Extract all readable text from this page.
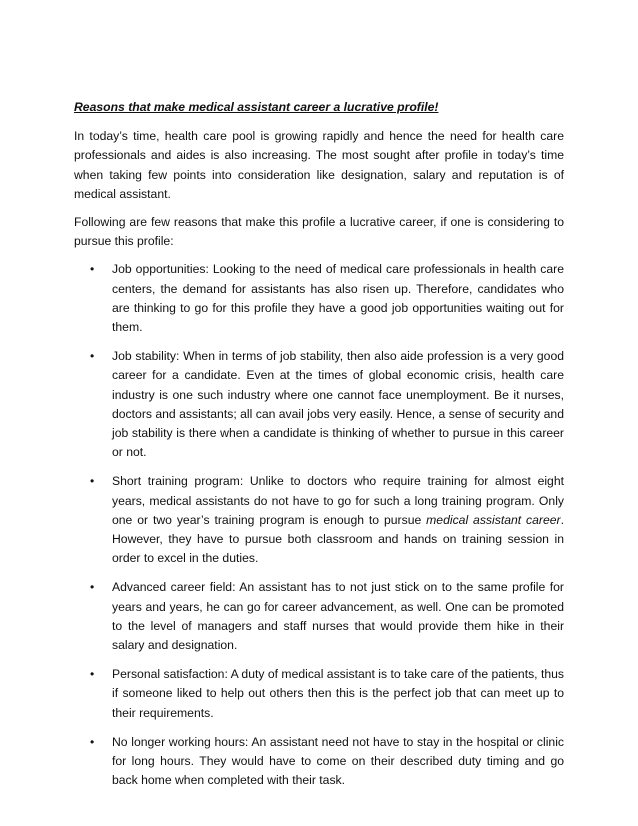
Reasons that make medical assistant career a lucrative profile!

In today’s time, health care pool is growing rapidly and hence the need for health care professionals and aides is also increasing. The most sought after profile in today’s time when taking few points into consideration like designation, salary and reputation is of medical assistant.

Following are few reasons that make this profile a lucrative career, if one is considering to pursue this profile:

• Job opportunities: Looking to the need of medical care professionals in health care centers, the demand for assistants has also risen up. Therefore, candidates who are thinking to go for this profile they have a good job opportunities waiting out for them.
• Job stability: When in terms of job stability, then also aide profession is a very good career for a candidate. Even at the times of global economic crisis, health care industry is one such industry where one cannot face unemployment. Be it nurses, doctors and assistants; all can avail jobs very easily. Hence, a sense of security and job stability is there when a candidate is thinking of whether to pursue in this career or not.
• Short training program: Unlike to doctors who require training for almost eight years, medical assistants do not have to go for such a long training program. Only one or two year’s training program is enough to pursue medical assistant career. However, they have to pursue both classroom and hands on training session in order to excel in the duties.
• Advanced career field: An assistant has to not just stick on to the same profile for years and years, he can go for career advancement, as well. One can be promoted to the level of managers and staff nurses that would provide them hike in their salary and designation.
• Personal satisfaction: A duty of medical assistant is to take care of the patients, thus if someone liked to help out others then this is the perfect job that can meet up to their requirements.
• No longer working hours: An assistant need not have to stay in the hospital or clinic for long hours. They would have to come on their described duty timing and go back home when completed with their task.
